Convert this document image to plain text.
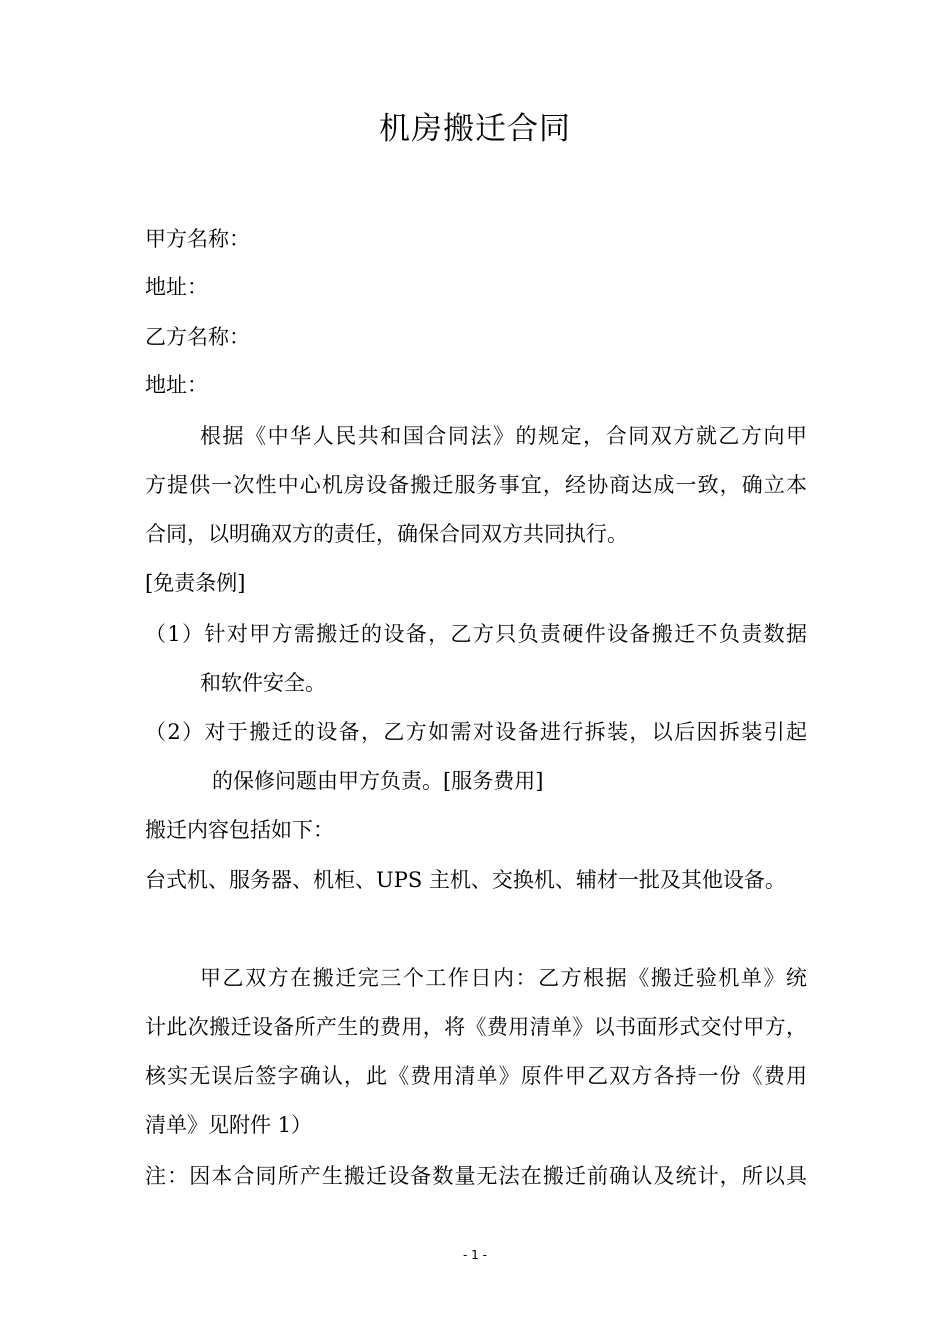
机房搬迁合同
甲方名称：
地址：
乙方名称：
地址：
根据《中华人民共和国合同法》的规定，合同双方就乙方向甲
方提供一次性中心机房设备搬迁服务事宜，经协商达成一致，确立本
合同，以明确双方的责任，确保合同双方共同执行。
[免责条例]
（1）针对甲方需搬迁的设备，乙方只负责硬件设备搬迁不负责数据
和软件安全。
（2）对于搬迁的设备，乙方如需对设备进行拆装，以后因拆装引起
的保修问题由甲方负责。[服务费用]
搬迁内容包括如下：
台式机、服务器、机柜、UPS 主机、交换机、辅材一批及其他设备。
甲乙双方在搬迁完三个工作日内：乙方根据《搬迁验机单》统
计此次搬迁设备所产生的费用，将《费用清单》以书面形式交付甲方，
核实无误后签字确认，此《费用清单》原件甲乙双方各持一份《费用
清单》见附件 1）
注：因本合同所产生搬迁设备数量无法在搬迁前确认及统计，所以具
- 1 -
